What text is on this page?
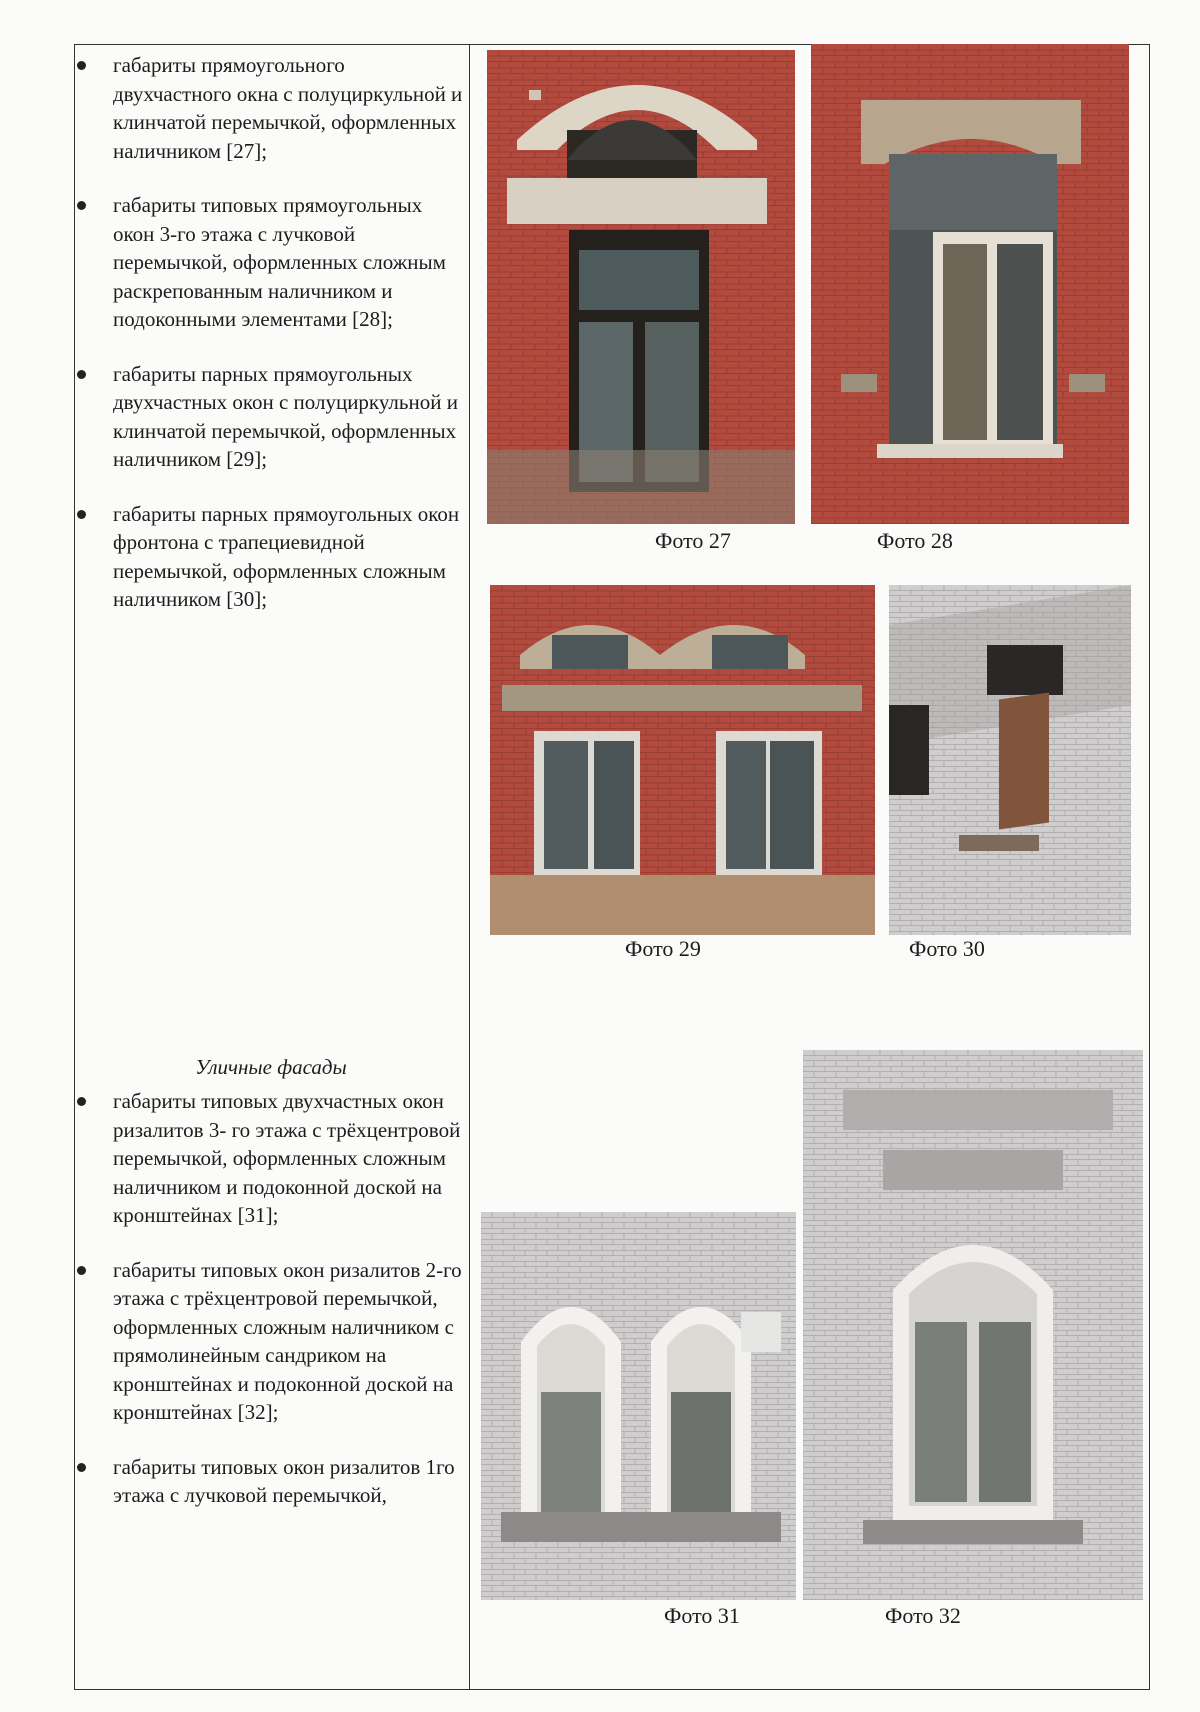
габариты прямоугольного двухчастного окна с полуциркульной и клинчатой перемычкой, оформленных наличником [27];
габариты типовых прямоугольных окон 3-го этажа с лучковой перемычкой, оформленных сложным раскрепованным наличником и подоконными элементами [28];
габариты парных прямоугольных двухчастных окон с полуциркульной и клинчатой перемычкой, оформленных наличником [29];
габариты парных прямоугольных окон фронтона с трапециевидной перемычкой, оформленных сложным наличником [30];
Уличные фасады
габариты типовых двухчастных окон ризалитов 3- го этажа с трёхцентровой перемычкой, оформленных сложным наличником и подоконной доской на кронштейнах [31];
габариты типовых окон ризалитов 2-го этажа с трёхцентровой перемычкой, оформленных сложным наличником с прямолинейным сандриком на кронштейнах и подоконной доской на кронштейнах [32];
габариты типовых окон ризалитов 1го этажа с лучковой перемычкой,
Фото 27	Фото 28
Фото 29	Фото 30
Фото 31	Фото 32
